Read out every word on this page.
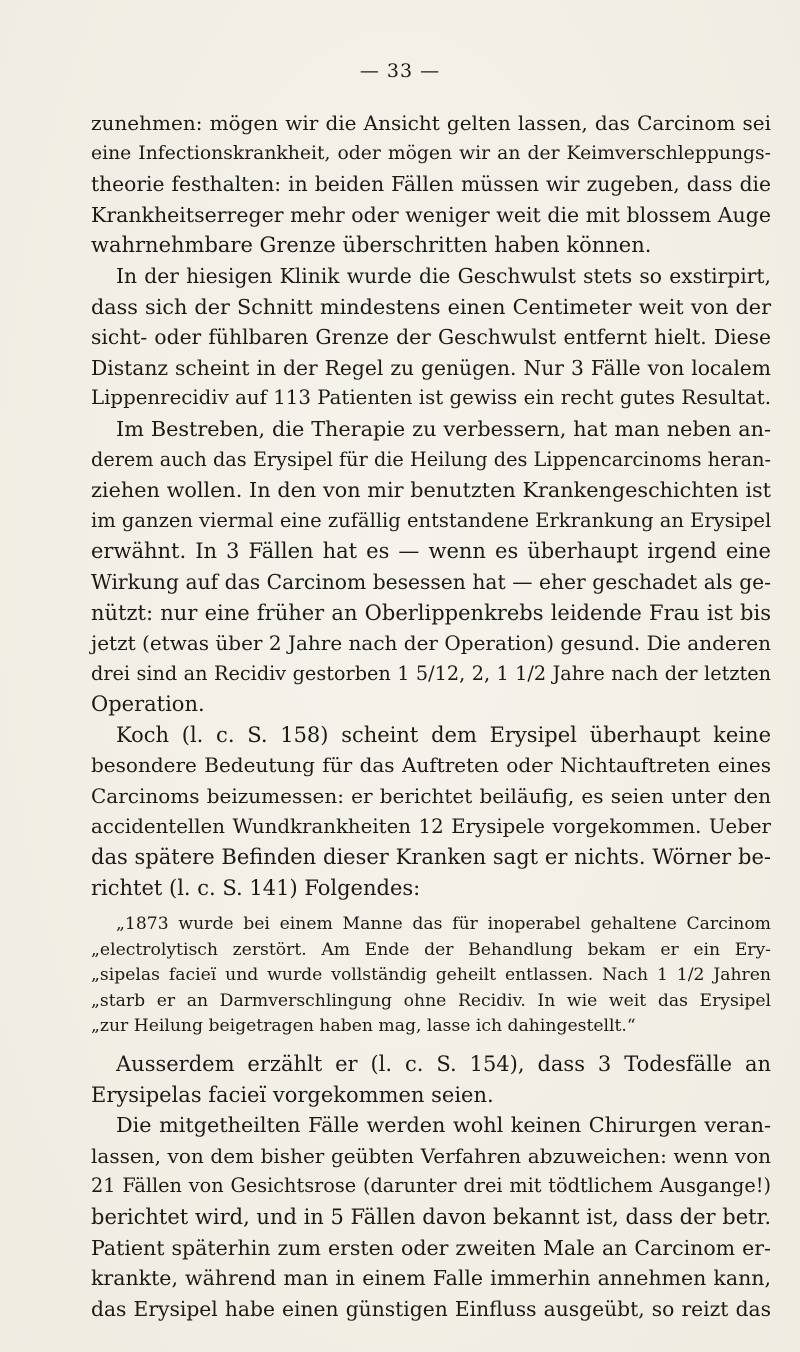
— 33 —
zunehmen: mögen wir die Ansicht gelten lassen, das Carcinom sei
eine Infectionskrankheit, oder mögen wir an der Keimverschleppungs-
theorie festhalten: in beiden Fällen müssen wir zugeben, dass die
Krankheitserreger mehr oder weniger weit die mit blossem Auge
wahrnehmbare Grenze überschritten haben können.
In der hiesigen Klinik wurde die Geschwulst stets so exstirpirt,
dass sich der Schnitt mindestens einen Centimeter weit von der
sicht- oder fühlbaren Grenze der Geschwulst entfernt hielt. Diese
Distanz scheint in der Regel zu genügen. Nur 3 Fälle von localem
Lippenrecidiv auf 113 Patienten ist gewiss ein recht gutes Resultat.
Im Bestreben, die Therapie zu verbessern, hat man neben an-
derem auch das Erysipel für die Heilung des Lippencarcinoms heran-
ziehen wollen. In den von mir benutzten Krankengeschichten ist
im ganzen viermal eine zufällig entstandene Erkrankung an Erysipel
erwähnt. In 3 Fällen hat es — wenn es überhaupt irgend eine
Wirkung auf das Carcinom besessen hat — eher geschadet als ge-
nützt: nur eine früher an Oberlippenkrebs leidende Frau ist bis
jetzt (etwas über 2 Jahre nach der Operation) gesund. Die anderen
drei sind an Recidiv gestorben 1 5/12, 2, 1 1/2 Jahre nach der letzten
Operation.
Koch (l. c. S. 158) scheint dem Erysipel überhaupt keine
besondere Bedeutung für das Auftreten oder Nichtauftreten eines
Carcinoms beizumessen: er berichtet beiläufig, es seien unter den
accidentellen Wundkrankheiten 12 Erysipele vorgekommen. Ueber
das spätere Befinden dieser Kranken sagt er nichts. Wörner be-
richtet (l. c. S. 141) Folgendes:
„1873 wurde bei einem Manne das für inoperabel gehaltene Carcinom
„electrolytisch zerstört. Am Ende der Behandlung bekam er ein Ery-
„sipelas facieï und wurde vollständig geheilt entlassen. Nach 1 1/2 Jahren
„starb er an Darmverschlingung ohne Recidiv. In wie weit das Erysipel
„zur Heilung beigetragen haben mag, lasse ich dahingestellt.“
Ausserdem erzählt er (l. c. S. 154), dass 3 Todesfälle an
Erysipelas facieï vorgekommen seien.
Die mitgetheilten Fälle werden wohl keinen Chirurgen veran-
lassen, von dem bisher geübten Verfahren abzuweichen: wenn von
21 Fällen von Gesichtsrose (darunter drei mit tödtlichem Ausgange!)
berichtet wird, und in 5 Fällen davon bekannt ist, dass der betr.
Patient späterhin zum ersten oder zweiten Male an Carcinom er-
krankte, während man in einem Falle immerhin annehmen kann,
das Erysipel habe einen günstigen Einfluss ausgeübt, so reizt das
